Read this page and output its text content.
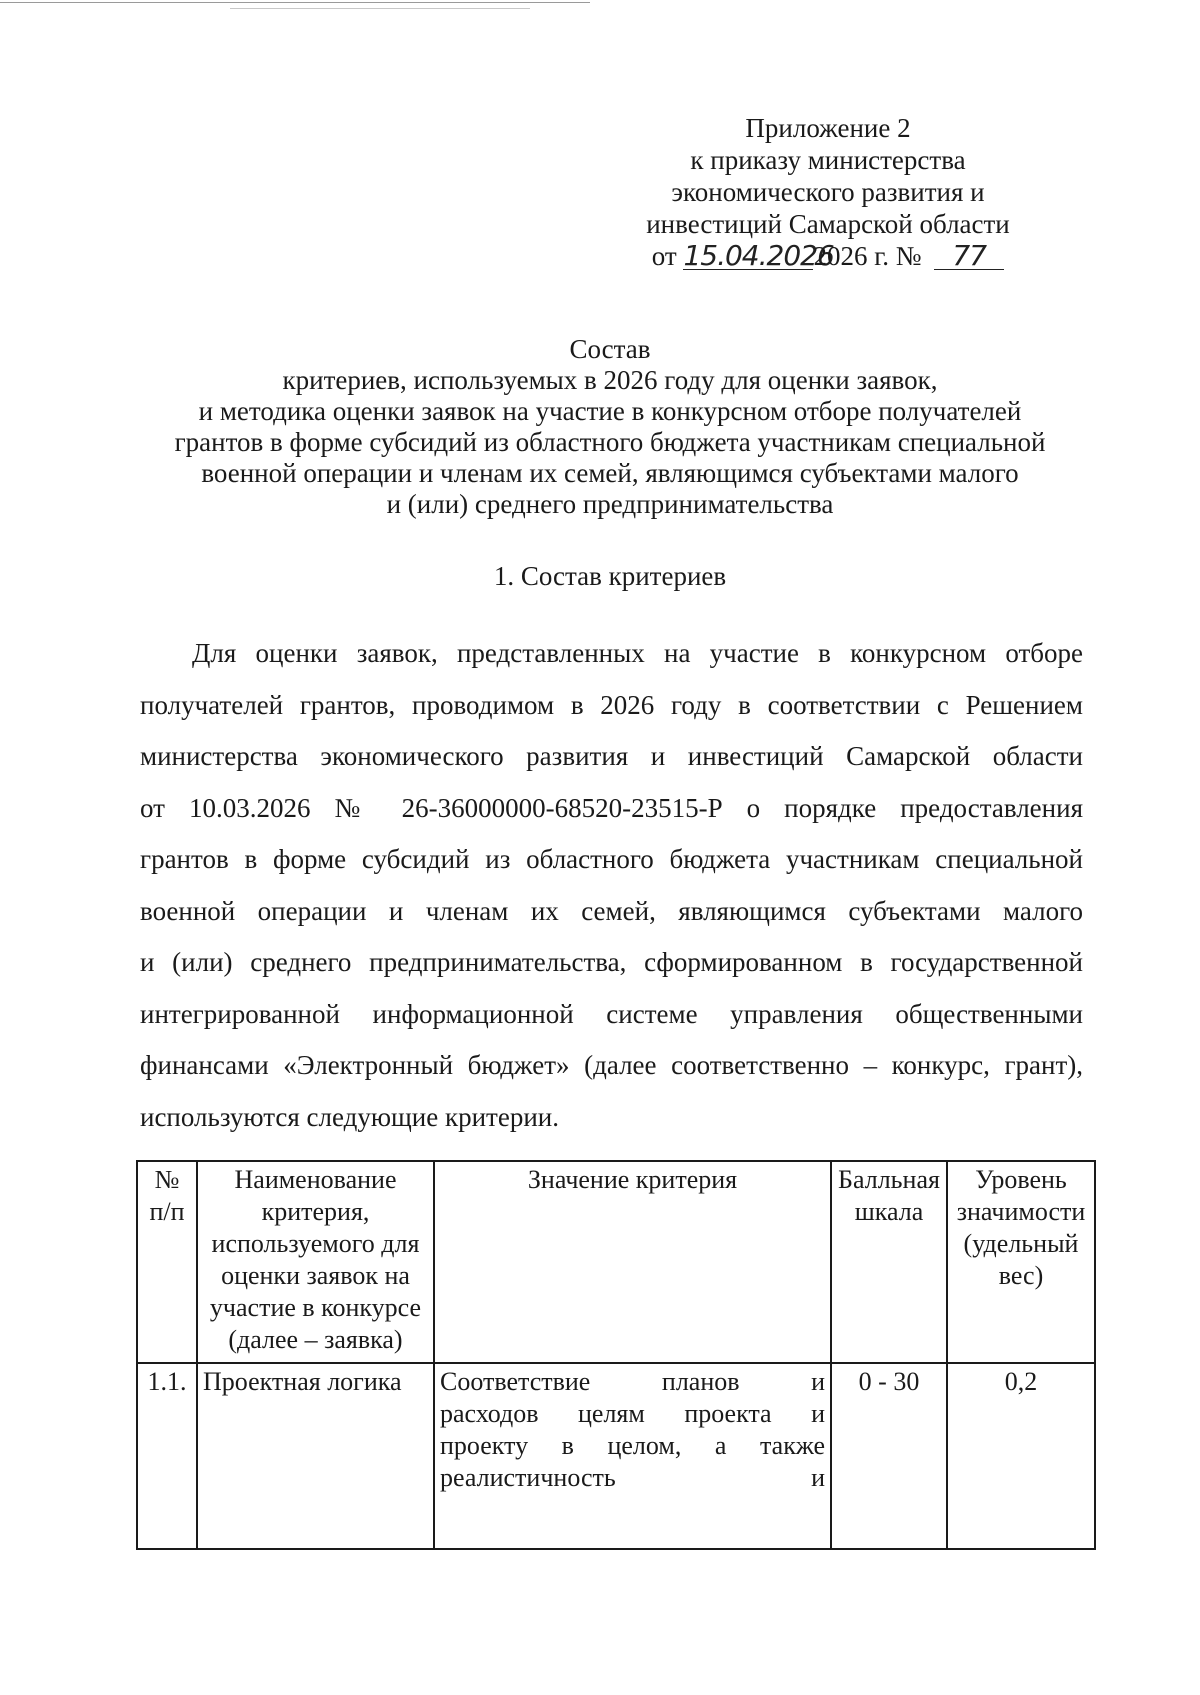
Приложение 2
к приказу министерства
экономического развития и
инвестиций Самарской области
от 15.04.20262026 г. № 77
Состав
критериев, используемых в 2026 году для оценки заявок,
и методика оценки заявок на участие в конкурсном отборе получателей
грантов в форме субсидий из областного бюджета участникам специальной
военной операции и членам их семей, являющимся субъектами малого
и (или) среднего предпринимательства
1. Состав критериев
Для оценки заявок, представленных на участие в конкурсном отборе
получателей грантов, проводимом в 2026 году в соответствии с Решением
министерства экономического развития и инвестиций Самарской области
от 10.03.2026 № 26-36000000-68520-23515-Р о порядке предоставления
грантов в форме субсидий из областного бюджета участникам специальной
военной операции и членам их семей, являющимся субъектами малого
и (или) среднего предпринимательства, сформированном в государственной
интегрированной информационной системе управления общественными
финансами «Электронный бюджет» (далее соответственно – конкурс, грант),
используются следующие критерии.
№ п/п	Наименование критерия, используемого для оценки заявок на участие в конкурсе (далее – заявка)	Значение критерия	Балльная шкала	Уровень значимости (удельный вес)
1.1.	Проектная логика	Соответствие планов и
расходов целям проекта и
проекту в целом, а также
реалистичность и	0 - 30	0,2
